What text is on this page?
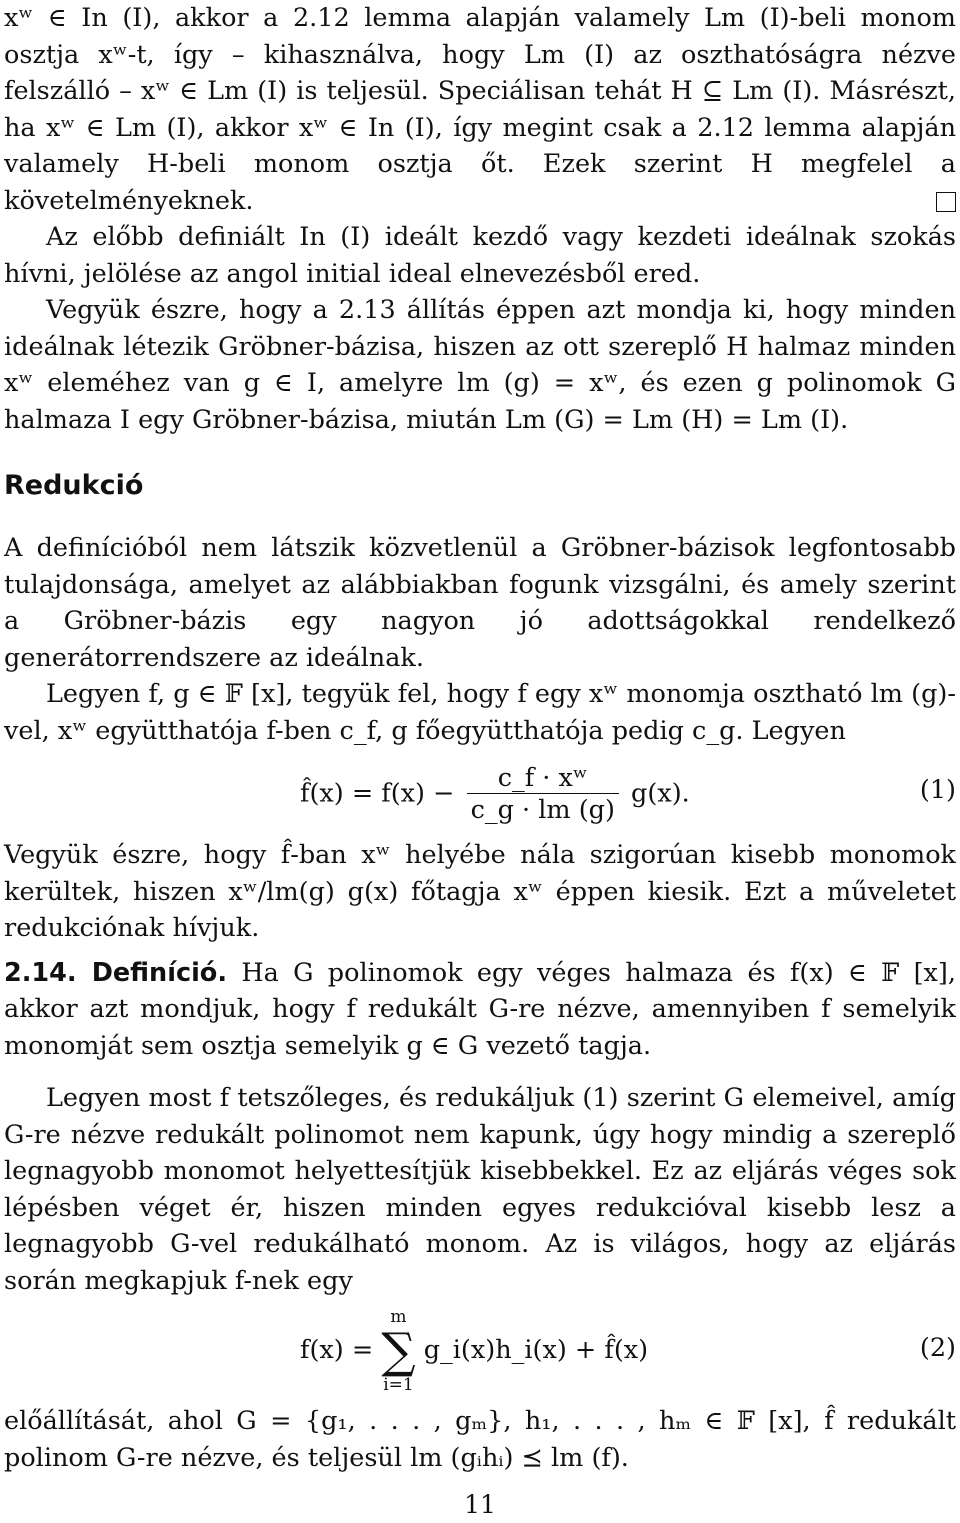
xʷ ∈ In (I), akkor a 2.12 lemma alapján valamely Lm (I)-beli monom osztja xʷ-t, így – kihasználva, hogy Lm (I) az oszthatóságra nézve felszálló – xʷ ∈ Lm (I) is teljesül. Speciálisan tehát H ⊆ Lm (I). Másrészt, ha xʷ ∈ Lm (I), akkor xʷ ∈ In (I), így megint csak a 2.12 lemma alapján valamely H-beli monom osztja őt. Ezek szerint H megfelel a követelményeknek.

Az előbb definiált In (I) ideált kezdő vagy kezdeti ideálnak szokás hívni, jelölése az angol initial ideal elnevezésből ered.

Vegyük észre, hogy a 2.13 állítás éppen azt mondja ki, hogy minden ideálnak létezik Gröbner-bázisa, hiszen az ott szereplő H halmaz minden xʷ eleméhez van g ∈ I, amelyre lm (g) = xʷ, és ezen g polinomok G halmaza I egy Gröbner-bázisa, miután Lm (G) = Lm (H) = Lm (I).

Redukció

A definícióból nem látszik közvetlenül a Gröbner-bázisok legfontosabb tulajdonsága, amelyet az alábbiakban fogunk vizsgálni, és amely szerint a Gröbner-bázis egy nagyon jó adottságokkal rendelkező generátorrendszere az ideálnak.

Legyen f, g ∈ 𝔽 [x], tegyük fel, hogy f egy xʷ monomja osztható lm (g)-vel, xʷ együtthatója f-ben c_f, g főegyütthatója pedig c_g. Legyen

f̂(x) = $f(x) - \frac{\text{c\_f · xʷ}}{c\_g \cdot lm (g)} g(x)$.	(1)

Vegyük észre, hogy f̂-ban xʷ helyébe nála szigorúan kisebb monomok kerültek, hiszen xʷ/lm(g) g(x) főtagja xʷ éppen kiesik. Ezt a műveletet redukciónak hívjuk.

2.14. Definíció. Ha G polinomok egy véges halmaza és f(x) ∈ 𝔽 [x], akkor azt mondjuk, hogy f redukált G-re nézve, amennyiben f semelyik monomját sem osztja semelyik g ∈ G vezető tagja.

Legyen most f tetszőleges, és redukáljuk (1) szerint G elemeivel, amíg G-re nézve redukált polinomot nem kapunk, úgy hogy mindig a szereplő legnagyobb monomot helyettesítjük kisebbekkel. Ez az eljárás véges sok lépésben véget ér, hiszen minden egyes redukcióval kisebb lesz a legnagyobb G-vel redukálható monom. Az is világos, hogy az eljárás során megkapjuk f-nek egy

f(x) =
m
∑
i=1
g_i(x)h_i(x) + f̂(x)	(2)

előállítását, ahol G = {g₁, . . . , gₘ}, h₁, . . . , hₘ ∈ 𝔽 [x], f̂ redukált polinom G-re nézve, és teljesül lm (gᵢhᵢ) ⪯ lm (f).

11
